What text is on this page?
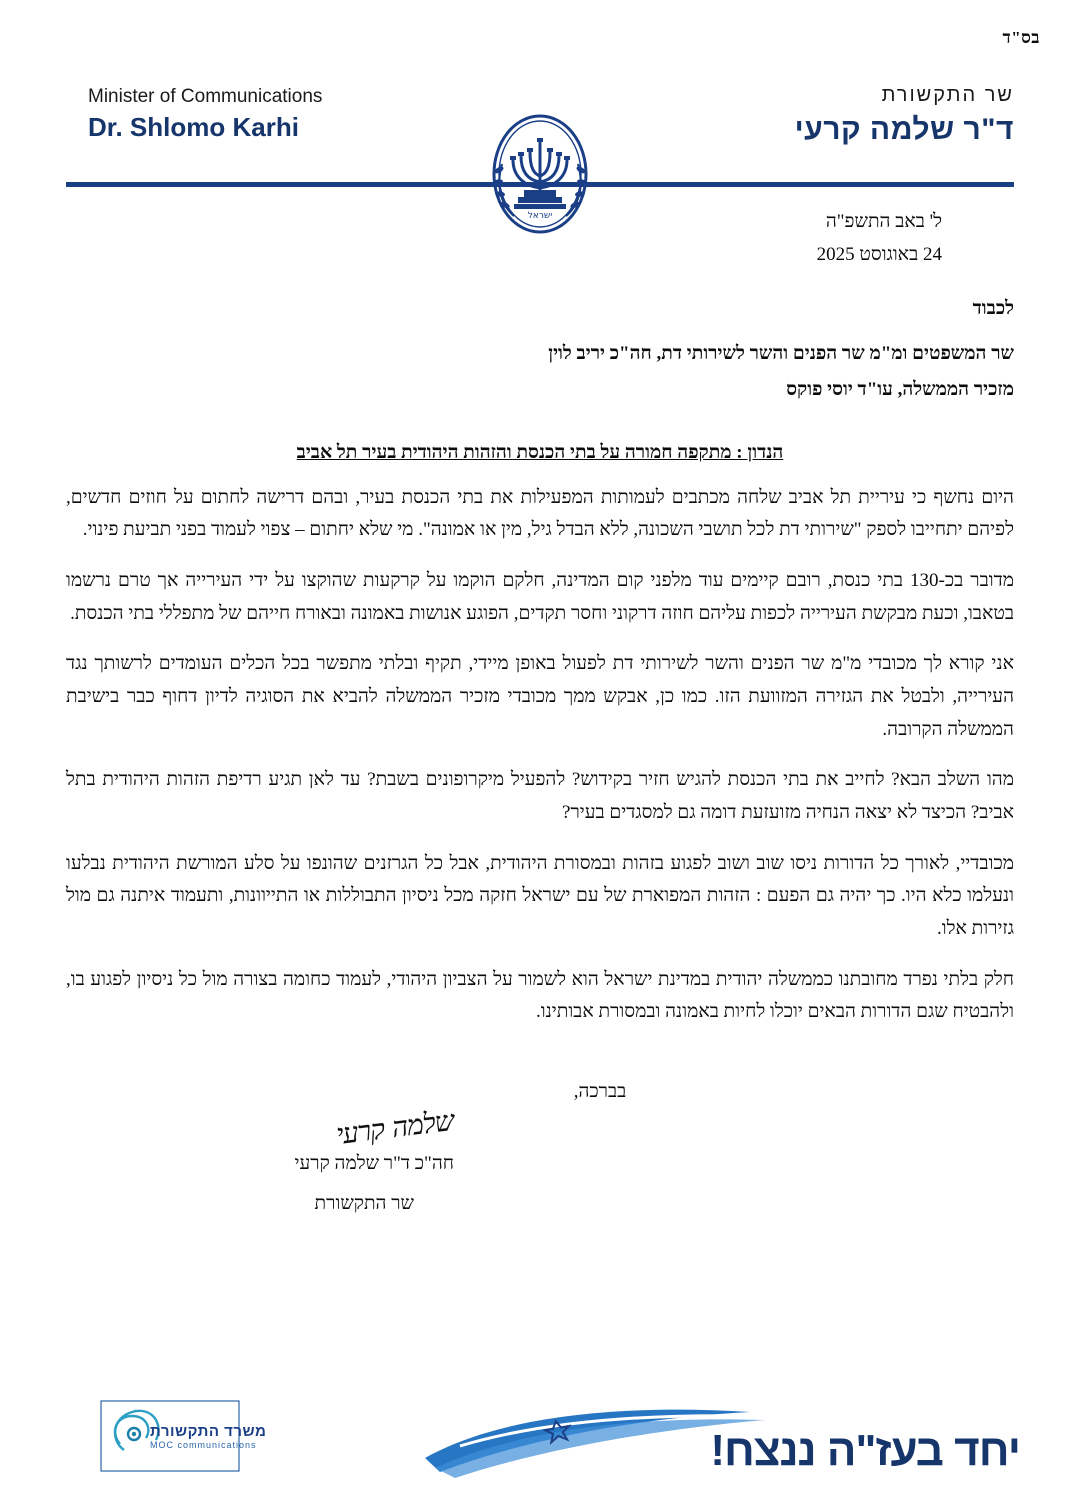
בס"ד
שר התקשורת
ד"ר שלמה קרעי
Minister of Communications
Dr. Shlomo Karhi
ישראל	ל' באב התשפ"ה
24 באוגוסט 2025
לכבוד
שר המשפטים ומ"מ שר הפנים והשר לשירותי דת, חה"כ יריב לוין
מזכיר הממשלה, עו"ד יוסי פוקס
הנדון : מתקפה חמורה על בתי הכנסת והזהות היהודית בעיר תל אביב

היום נחשף כי עיריית תל אביב שלחה מכתבים לעמותות המפעילות את בתי הכנסת בעיר, ובהם דרישה לחתום על חוזים חדשים, לפיהם יתחייבו לספק "שירותי דת לכל תושבי השכונה, ללא הבדל גיל, מין או אמונה". מי שלא יחתום – צפוי לעמוד בפני תביעת פינוי.

מדובר בכ-130 בתי כנסת, רובם קיימים עוד מלפני קום המדינה, חלקם הוקמו על קרקעות שהוקצו על ידי העירייה אך טרם נרשמו בטאבו, וכעת מבקשת העירייה לכפות עליהם חוזה דרקוני וחסר תקדים, הפוגע אנושות באמונה ובאורח חייהם של מתפללי בתי הכנסת.

אני קורא לך מכובדי מ"מ שר הפנים והשר לשירותי דת לפעול באופן מיידי, תקיף ובלתי מתפשר בכל הכלים העומדים לרשותך נגד העירייה, ולבטל את הגזירה המזוועת הזו. כמו כן, אבקש ממך מכובדי מזכיר הממשלה להביא את הסוגיה לדיון דחוף כבר בישיבת הממשלה הקרובה.

מהו השלב הבא? לחייב את בתי הכנסת להגיש חזיר בקידוש? להפעיל מיקרופונים בשבת? עד לאן תגיע רדיפת הזהות היהודית בתל אביב? הכיצד לא יצאה הנחיה מזועזעת דומה גם למסגדים בעיר?

מכובדיי, לאורך כל הדורות ניסו שוב ושוב לפגוע בזהות ובמסורת היהודית, אבל כל הגרזנים שהונפו על סלע המורשת היהודית נבלעו ונעלמו כלא היו. כך יהיה גם הפעם : הזהות המפוארת של עם ישראל חזקה מכל ניסיון התבוללות או התייוונות, ותעמוד איתנה גם מול גזירות אלו.

חלק בלתי נפרד מחובתנו כממשלה יהודית במדינת ישראל הוא לשמור על הצביון היהודי, לעמוד כחומה בצורה מול כל ניסיון לפגוע בו, ולהבטיח שגם הדורות הבאים יוכלו לחיות באמונה ובמסורת אבותינו.

בברכה,
שלמה קרעי
חה"כ ד"ר שלמה קרעי
שר התקשורת
משרד התקשורת
MOC communications	יחד בעז"ה ננצח!
